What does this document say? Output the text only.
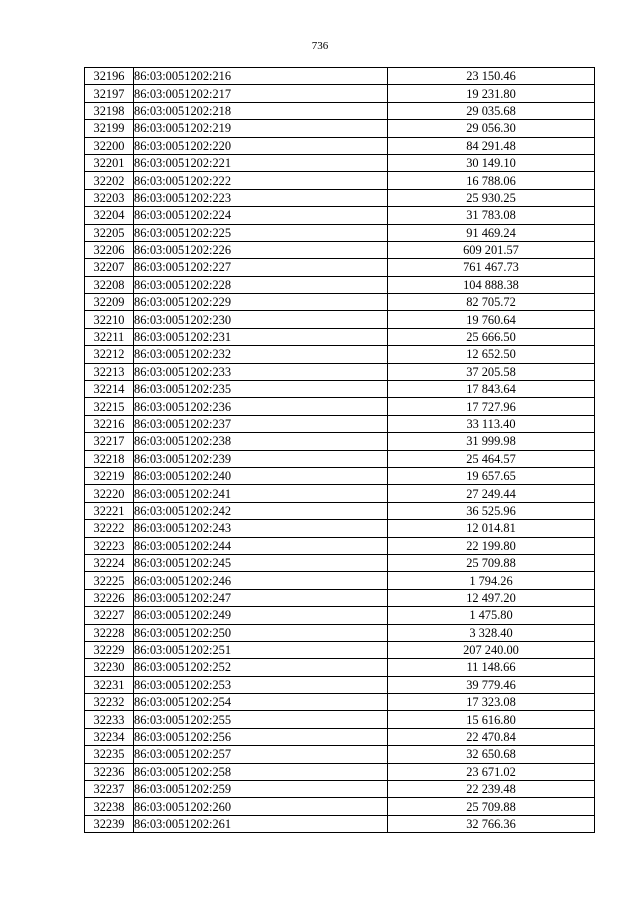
736
32196	86:03:0051202:216	23 150.46
32197	86:03:0051202:217	19 231.80
32198	86:03:0051202:218	29 035.68
32199	86:03:0051202:219	29 056.30
32200	86:03:0051202:220	84 291.48
32201	86:03:0051202:221	30 149.10
32202	86:03:0051202:222	16 788.06
32203	86:03:0051202:223	25 930.25
32204	86:03:0051202:224	31 783.08
32205	86:03:0051202:225	91 469.24
32206	86:03:0051202:226	609 201.57
32207	86:03:0051202:227	761 467.73
32208	86:03:0051202:228	104 888.38
32209	86:03:0051202:229	82 705.72
32210	86:03:0051202:230	19 760.64
32211	86:03:0051202:231	25 666.50
32212	86:03:0051202:232	12 652.50
32213	86:03:0051202:233	37 205.58
32214	86:03:0051202:235	17 843.64
32215	86:03:0051202:236	17 727.96
32216	86:03:0051202:237	33 113.40
32217	86:03:0051202:238	31 999.98
32218	86:03:0051202:239	25 464.57
32219	86:03:0051202:240	19 657.65
32220	86:03:0051202:241	27 249.44
32221	86:03:0051202:242	36 525.96
32222	86:03:0051202:243	12 014.81
32223	86:03:0051202:244	22 199.80
32224	86:03:0051202:245	25 709.88
32225	86:03:0051202:246	1 794.26
32226	86:03:0051202:247	12 497.20
32227	86:03:0051202:249	1 475.80
32228	86:03:0051202:250	3 328.40
32229	86:03:0051202:251	207 240.00
32230	86:03:0051202:252	11 148.66
32231	86:03:0051202:253	39 779.46
32232	86:03:0051202:254	17 323.08
32233	86:03:0051202:255	15 616.80
32234	86:03:0051202:256	22 470.84
32235	86:03:0051202:257	32 650.68
32236	86:03:0051202:258	23 671.02
32237	86:03:0051202:259	22 239.48
32238	86:03:0051202:260	25 709.88
32239	86:03:0051202:261	32 766.36
